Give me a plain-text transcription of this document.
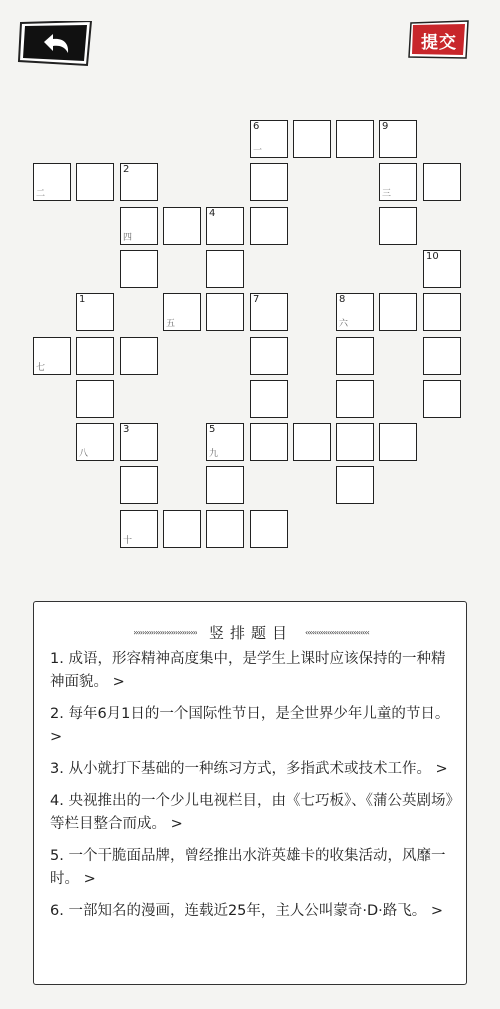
提交
6
一
9
二
2
三
四
4
10
1
五
7	8
六
七
八
3	5
九
十
››››››››››››››››››››››››››››› 竖排题目 ‹‹‹‹‹‹‹‹‹‹‹‹‹‹‹‹‹‹‹‹‹‹‹‹‹‹‹‹‹
1. 成语，形容精神高度集中，是学生上课时应该保持的一种精神面貌。 >
2. 每年6月1日的一个国际性节日，是全世界少年儿童的节日。 >
3. 从小就打下基础的一种练习方式，多指武术或技术工作。 >
4. 央视推出的一个少儿电视栏目，由《七巧板》、《蒲公英剧场》等栏目整合而成。 >
5. 一个干脆面品牌，曾经推出水浒英雄卡的收集活动，风靡一时。 >
6. 一部知名的漫画，连载近25年，主人公叫蒙奇·D·路飞。 >
